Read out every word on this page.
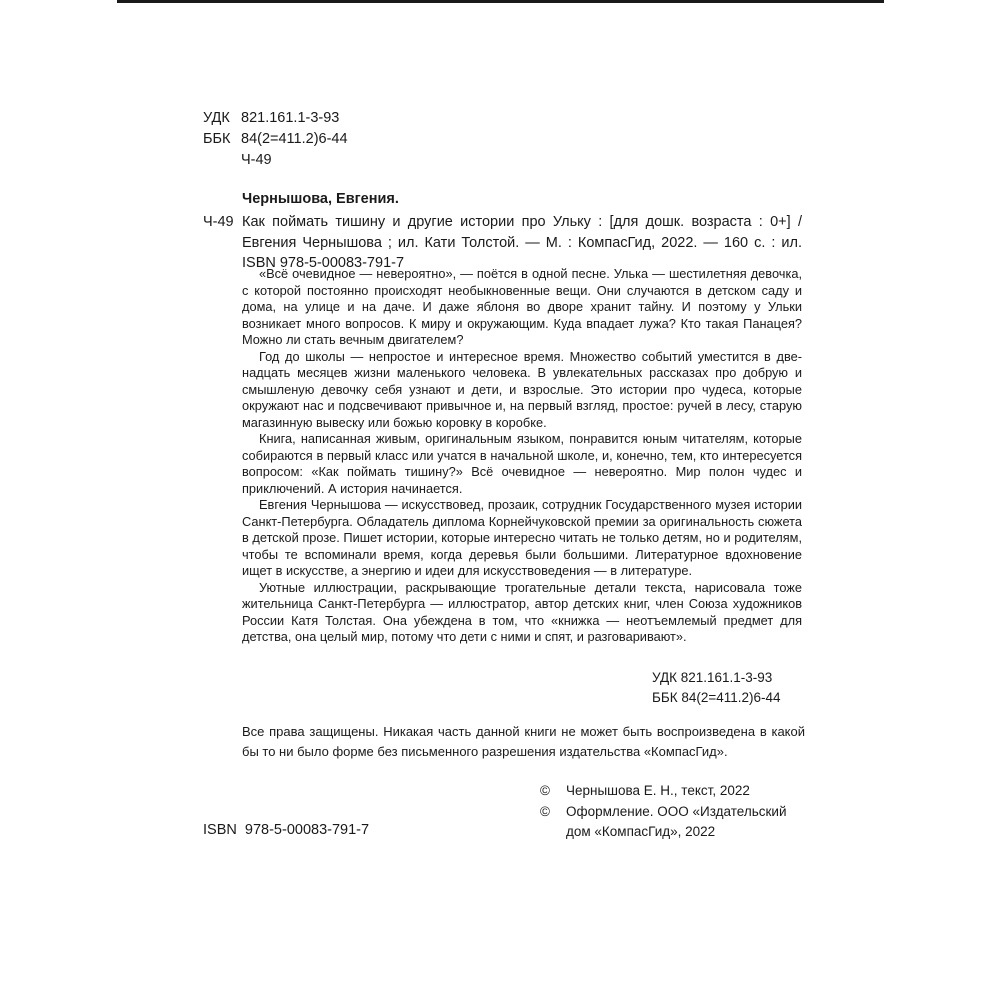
УДК 821.161.1-3-93
ББК 84(2=411.2)6-44
Ч-49
Чернышова, Евгения.
Ч-49 Как поймать тишину и другие истории про Ульку : [для дошк. возраста : 0+] /
Евгения Чернышова ; ил. Кати Толстой. — М. : КомпасГид, 2022. — 160 с. : ил.
ISBN 978-5-00083-791-7

«Всё очевидное — невероятно», — поётся в одной песне. Улька — шестилетняя девочка, с которой постоянно происходят необыкновенные вещи. Они случаются в детском саду и дома, на улице и на даче. И даже яблоня во дворе хранит тайну. И поэтому у Ульки возникает много вопросов. К миру и окружающим. Куда впадает лужа? Кто такая Панацея? Можно ли стать вечным двигателем?

Год до школы — непростое и интересное время. Множество событий уместится в двенадцать месяцев жизни маленького человека. В увлекательных рассказах про добрую и смышленую девочку себя узнают и дети, и взрослые. Это истории про чудеса, которые окружают нас и подсвечивают привычное и, на первый взгляд, простое: ручей в лесу, старую магазинную вывеску или божью коровку в коробке.

Книга, написанная живым, оригинальным языком, понравится юным читателям, которые собираются в первый класс или учатся в начальной школе, и, конечно, тем, кто интересуется вопросом: «Как поймать тишину?» Всё очевидное — невероятно. Мир полон чудес и приключений. А история начинается.

Евгения Чернышова — искусствовед, прозаик, сотрудник Государственного музея истории Санкт-Петербурга. Обладатель диплома Корнейчуковской премии за оригинальность сюжета в детской прозе. Пишет истории, которые интересно читать не только детям, но и родителям, чтобы те вспоминали время, когда деревья были большими. Литературное вдохновение ищет в искусстве, а энергию и идеи для искусствоведения — в литературе.

Уютные иллюстрации, раскрывающие трогательные детали текста, нарисовала тоже жительница Санкт-Петербурга — иллюстратор, автор детских книг, член Союза художников России Катя Толстая. Она убеждена в том, что «книжка — неотъемлемый предмет для детства, она целый мир, потому что дети с ними и спят, и разговаривают».

УДК 821.161.1-3-93
ББК 84(2=411.2)6-44
Все права защищены. Никакая часть данной книги не может быть воспроизведена в какой бы то ни было форме без письменного разрешения издательства «КомпасГид».
©	Чернышова Е. Н., текст, 2022
©	Оформление. ООО «Издательский
дом «КомпасГид», 2022
ISBN  978-5-00083-791-7
